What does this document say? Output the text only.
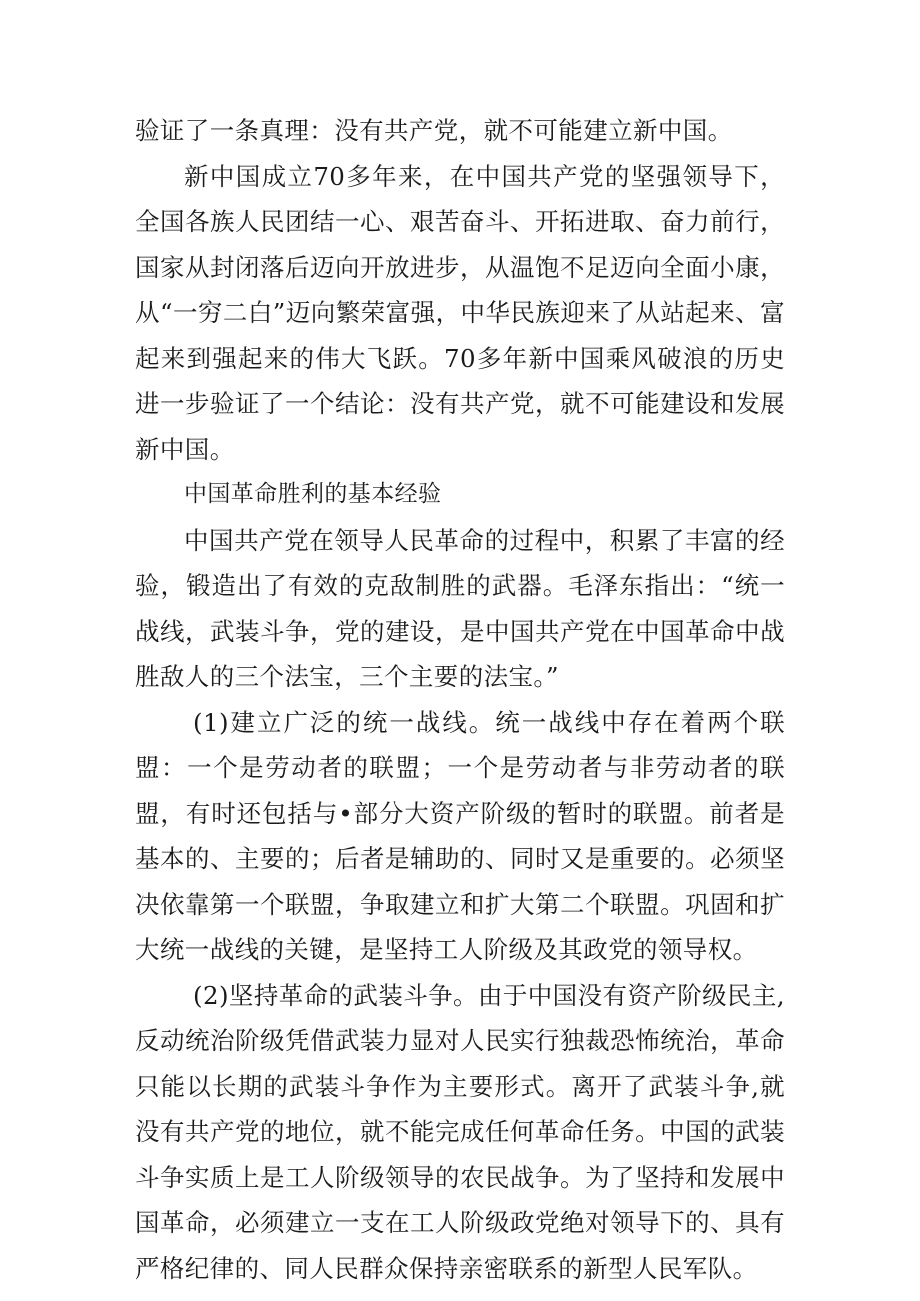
验证了一条真理：没有共产党，就不可能建立新中国。

新中国成立70多年来，在中国共产党的坚强领导下，全国各族人民团结一心、艰苦奋斗、开拓进取、奋力前行，国家从封闭落后迈向开放进步，从温饱不足迈向全面小康，从“一穷二白”迈向繁荣富强，中华民族迎来了从站起来、富起来到强起来的伟大飞跃。70多年新中国乘风破浪的历史进一步验证了一个结论：没有共产党，就不可能建设和发展新中国。

中国革命胜利的基本经验

中国共产党在领导人民革命的过程中，积累了丰富的经验，锻造出了有效的克敌制胜的武器。毛泽东指出：“统一战线，武装斗争，党的建设，是中国共产党在中国革命中战胜敌人的三个法宝，三个主要的法宝。”

(1)建立广泛的统一战线。统一战线中存在着两个联盟：一个是劳动者的联盟；一个是劳动者与非劳动者的联盟，有时还包括与•部分大资产阶级的暂时的联盟。前者是基本的、主要的；后者是辅助的、同时又是重要的。必须坚决依靠第一个联盟，争取建立和扩大第二个联盟。巩固和扩大统一战线的关键，是坚持工人阶级及其政党的领导权。

(2)坚持革命的武装斗争。由于中国没有资产阶级民主,反动统治阶级凭借武装力显对人民实行独裁恐怖统治，革命只能以长期的武装斗争作为主要形式。离开了武装斗争,就没有共产党的地位，就不能完成任何革命任务。中国的武装斗争实质上是工人阶级领导的农民战争。为了坚持和发展中国革命，必须建立一支在工人阶级政党绝对领导下的、具有严格纪律的、同人民群众保持亲密联系的新型人民军队。
